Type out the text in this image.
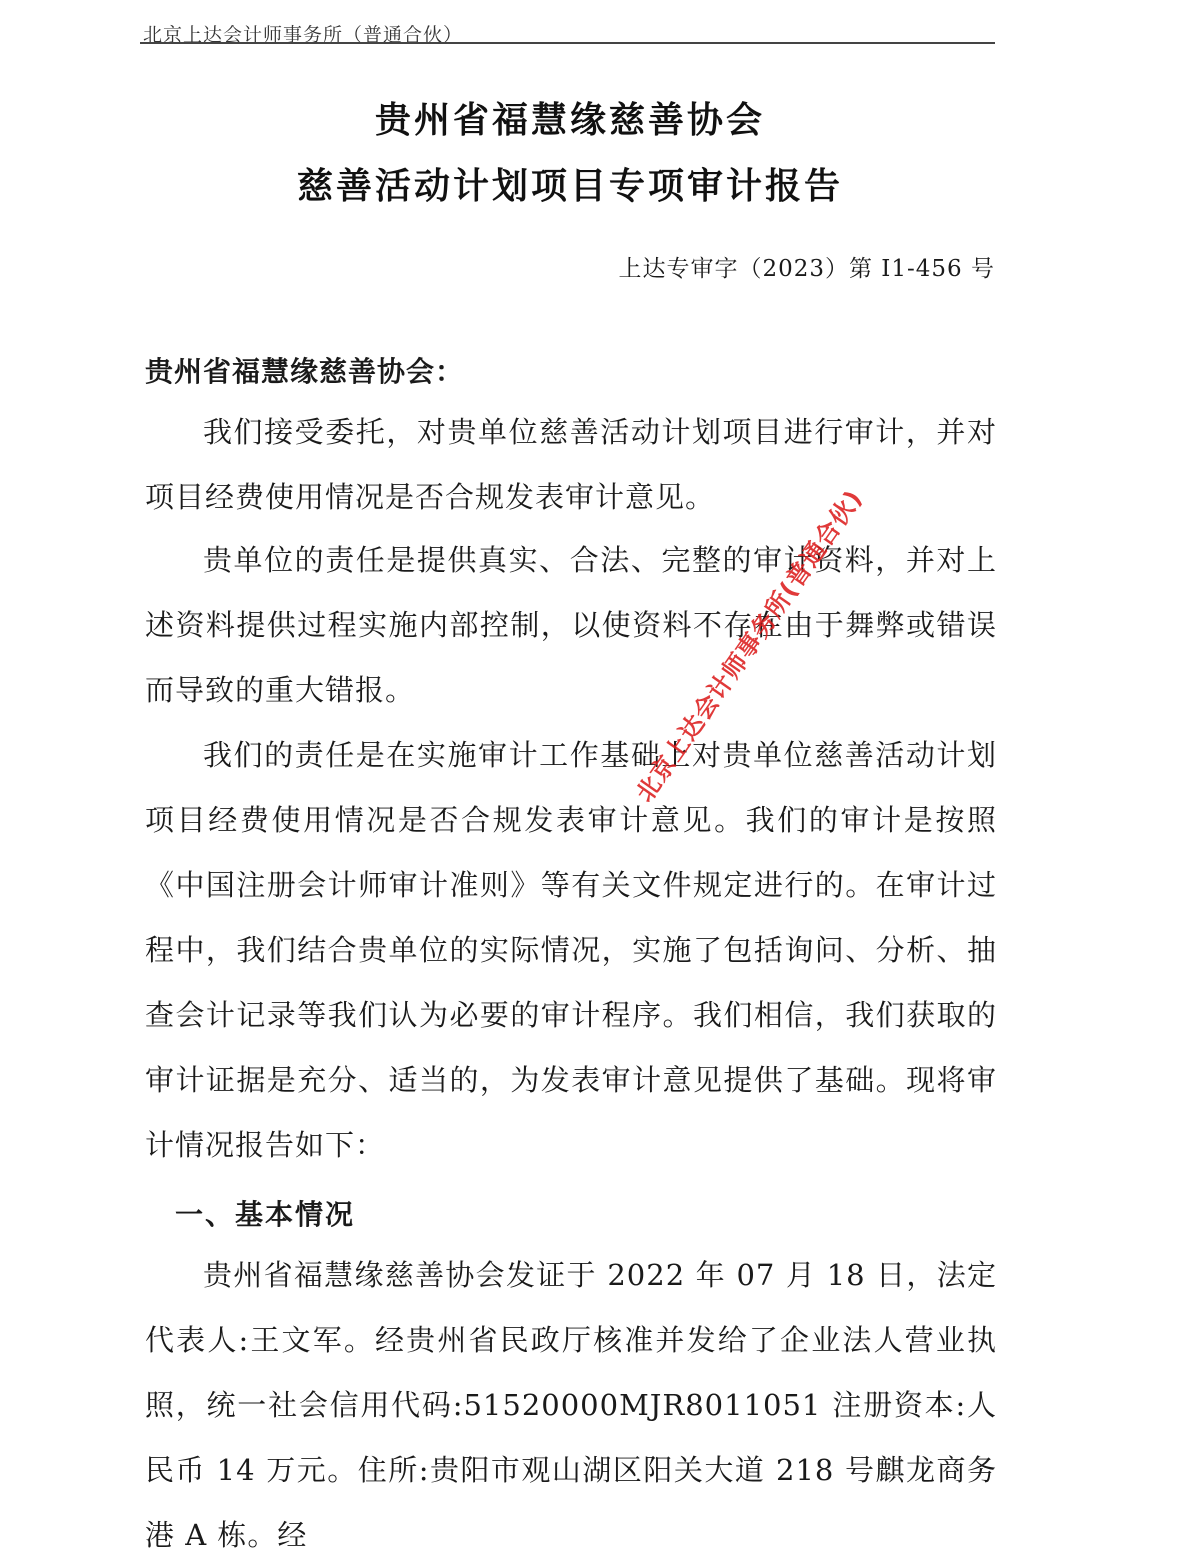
北京上达会计师事务所（普通合伙）
贵州省福慧缘慈善协会
慈善活动计划项目专项审计报告
上达专审字（2023）第 I1-456 号
贵州省福慧缘慈善协会：

我们接受委托，对贵单位慈善活动计划项目进行审计，并对项目经费使用情况是否合规发表审计意见。

贵单位的责任是提供真实、合法、完整的审计资料，并对上述资料提供过程实施内部控制，以使资料不存在由于舞弊或错误而导致的重大错报。

我们的责任是在实施审计工作基础上对贵单位慈善活动计划项目经费使用情况是否合规发表审计意见。我们的审计是按照《中国注册会计师审计准则》等有关文件规定进行的。在审计过程中，我们结合贵单位的实际情况，实施了包括询问、分析、抽查会计记录等我们认为必要的审计程序。我们相信，我们获取的审计证据是充分、适当的，为发表审计意见提供了基础。现将审计情况报告如下：

一、基本情况

贵州省福慧缘慈善协会发证于 2022 年 07 月 18 日，法定代表人:王文军。经贵州省民政厅核准并发给了企业法人营业执照，统一社会信用代码:51520000MJR8011051 注册资本:人民币 14 万元。住所:贵阳市观山湖区阳关大道 218 号麒龙商务港 A 栋。经

北京上达会计师事务所(普通合伙)
